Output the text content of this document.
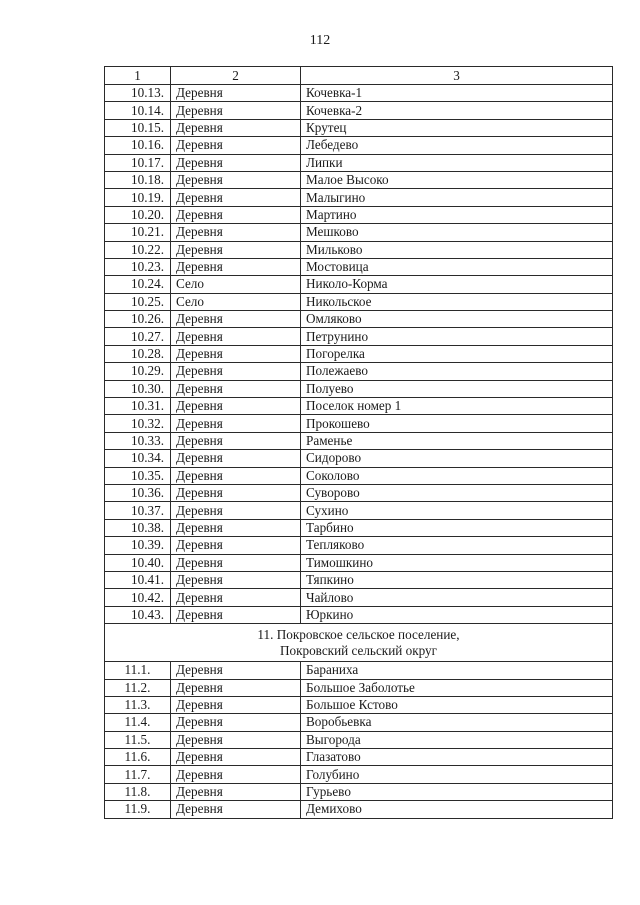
112
1	2	3
10.13.	Деревня	Кочевка-1
10.14.	Деревня	Кочевка-2
10.15.	Деревня	Крутец
10.16.	Деревня	Лебедево
10.17.	Деревня	Липки
10.18.	Деревня	Малое Высоко
10.19.	Деревня	Малыгино
10.20.	Деревня	Мартино
10.21.	Деревня	Мешково
10.22.	Деревня	Мильково
10.23.	Деревня	Мостовица
10.24.	Село	Николо-Корма
10.25.	Село	Никольское
10.26.	Деревня	Омляково
10.27.	Деревня	Петрунино
10.28.	Деревня	Погорелка
10.29.	Деревня	Полежаево
10.30.	Деревня	Полуево
10.31.	Деревня	Поселок номер 1
10.32.	Деревня	Прокошево
10.33.	Деревня	Раменье
10.34.	Деревня	Сидорово
10.35.	Деревня	Соколово
10.36.	Деревня	Суворово
10.37.	Деревня	Сухино
10.38.	Деревня	Тарбино
10.39.	Деревня	Тепляково
10.40.	Деревня	Тимошкино
10.41.	Деревня	Тяпкино
10.42.	Деревня	Чайлово
10.43.	Деревня	Юркино

11. Покровское сельское поселение,
Покровский сельский округ		

11.1.	Деревня	Бараниха
11.2.	Деревня	Большое Заболотье
11.3.	Деревня	Большое Кстово
11.4.	Деревня	Воробьевка
11.5.	Деревня	Выгорода
11.6.	Деревня	Глазатово
11.7.	Деревня	Голубино
11.8.	Деревня	Гурьево
11.9.	Деревня	Демихово
